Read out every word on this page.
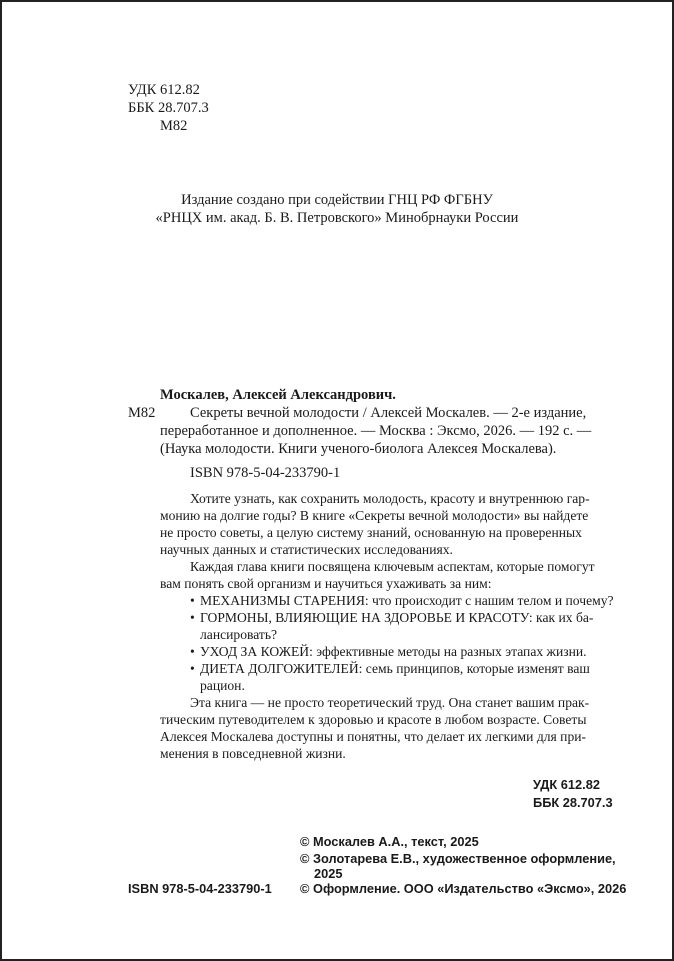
УДК 612.82
ББК 28.707.3
М82
Издание создано при содействии ГНЦ РФ ФГБНУ
«РНЦХ им. акад. Б. В. Петровского» Минобрнауки России
Москалев, Алексей Александрович.
М82 Секреты вечной молодости / Алексей Москалев. — 2-е издание,
переработанное и дополненное. — Москва : Эксмо, 2026. — 192 с. —
(Наука молодости. Книги ученого-биолога Алексея Москалева).
ISBN 978-5-04-233790-1
Хотите узнать, как сохранить молодость, красоту и внутреннюю гар-
монию на долгие годы? В книге «Секреты вечной молодости» вы найдете
не просто советы, а целую систему знаний, основанную на проверенных
научных данных и статистических исследованиях.
Каждая глава книги посвящена ключевым аспектам, которые помогут
вам понять свой организм и научиться ухаживать за ним:
• МЕХАНИЗМЫ СТАРЕНИЯ: что происходит с нашим телом и почему?
• ГОРМОНЫ, ВЛИЯЮЩИЕ НА ЗДОРОВЬЕ И КРАСОТУ: как их ба-
лансировать?
• УХОД ЗА КОЖЕЙ: эффективные методы на разных этапах жизни.
• ДИЕТА ДОЛГОЖИТЕЛЕЙ: семь принципов, которые изменят ваш
рацион.
Эта книга — не просто теоретический труд. Она станет вашим прак-
тическим путеводителем к здоровью и красоте в любом возрасте. Советы
Алексея Москалева доступны и понятны, что делает их легкими для при-
менения в повседневной жизни.
УДК 612.82
ББК 28.707.3
ISBN 978-5-04-233790-1
© Москалев А.А., текст, 2025
© Золотарева Е.В., художественное оформление,
2025
© Оформление. ООО «Издательство «Эксмо», 2026
